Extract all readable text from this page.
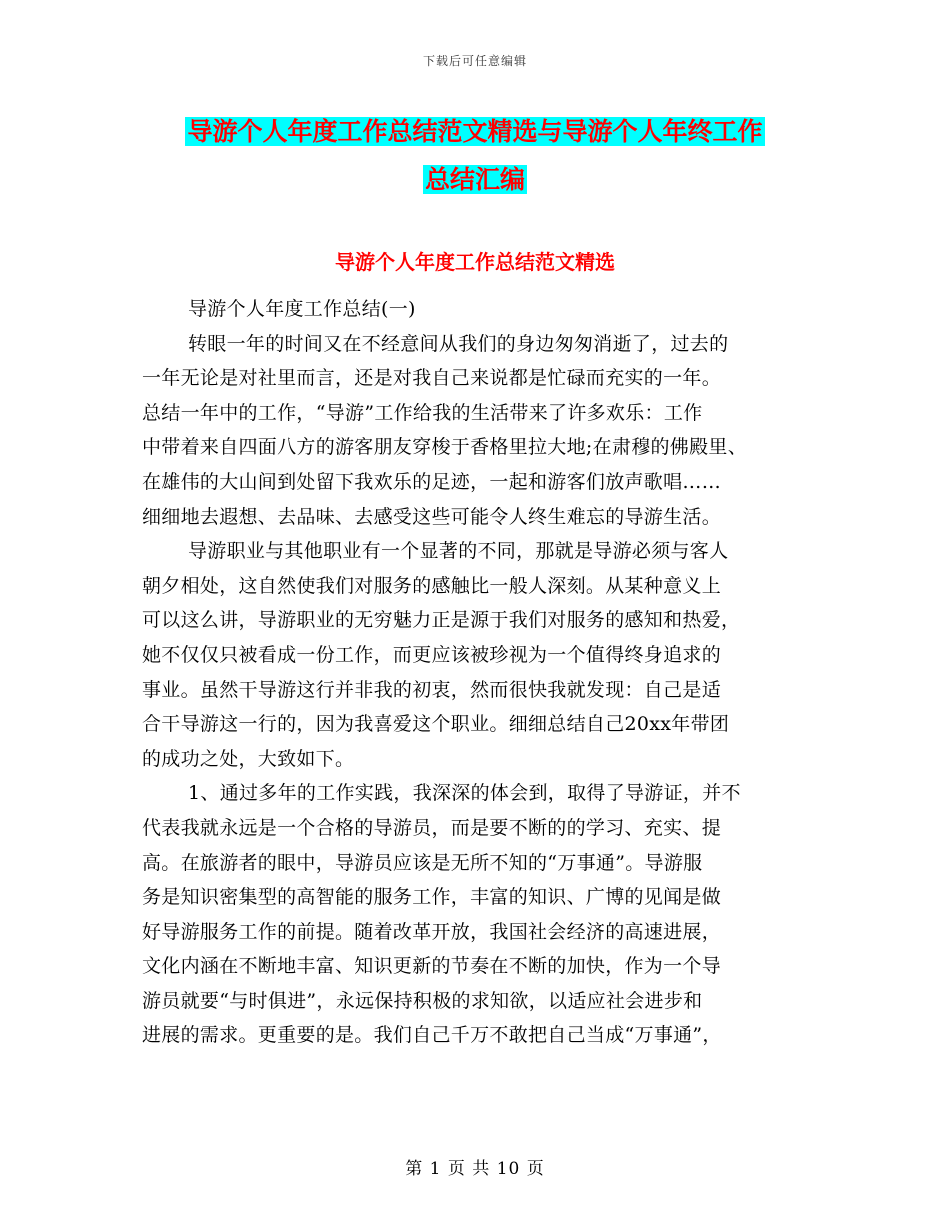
下载后可任意编辑
导游个人年度工作总结范文精选与导游个人年终工作
总结汇编
导游个人年度工作总结范文精选
导游个人年度工作总结(一)
转眼一年的时间又在不经意间从我们的身边匆匆消逝了，过去的
一年无论是对社里而言，还是对我自己来说都是忙碌而充实的一年。
总结一年中的工作，“导游”工作给我的生活带来了许多欢乐：工作
中带着来自四面八方的游客朋友穿梭于香格里拉大地;在肃穆的佛殿里、
在雄伟的大山间到处留下我欢乐的足迹，一起和游客们放声歌唱……
细细地去遐想、去品味、去感受这些可能令人终生难忘的导游生活。
导游职业与其他职业有一个显著的不同，那就是导游必须与客人
朝夕相处，这自然使我们对服务的感触比一般人深刻。从某种意义上
可以这么讲，导游职业的无穷魅力正是源于我们对服务的感知和热爱，
她不仅仅只被看成一份工作，而更应该被珍视为一个值得终身追求的
事业。虽然干导游这行并非我的初衷，然而很快我就发现：自己是适
合干导游这一行的，因为我喜爱这个职业。细细总结自己20xx年带团
的成功之处，大致如下。
1、通过多年的工作实践，我深深的体会到，取得了导游证，并不
代表我就永远是一个合格的导游员，而是要不断的的学习、充实、提
高。在旅游者的眼中，导游员应该是无所不知的“万事通”。导游服
务是知识密集型的高智能的服务工作，丰富的知识、广博的见闻是做
好导游服务工作的前提。随着改革开放，我国社会经济的高速进展，
文化内涵在不断地丰富、知识更新的节奏在不断的加快，作为一个导
游员就要“与时俱进”，永远保持积极的求知欲，以适应社会进步和
进展的需求。更重要的是。我们自己千万不敢把自己当成“万事通”，
第 1 页 共 10 页
